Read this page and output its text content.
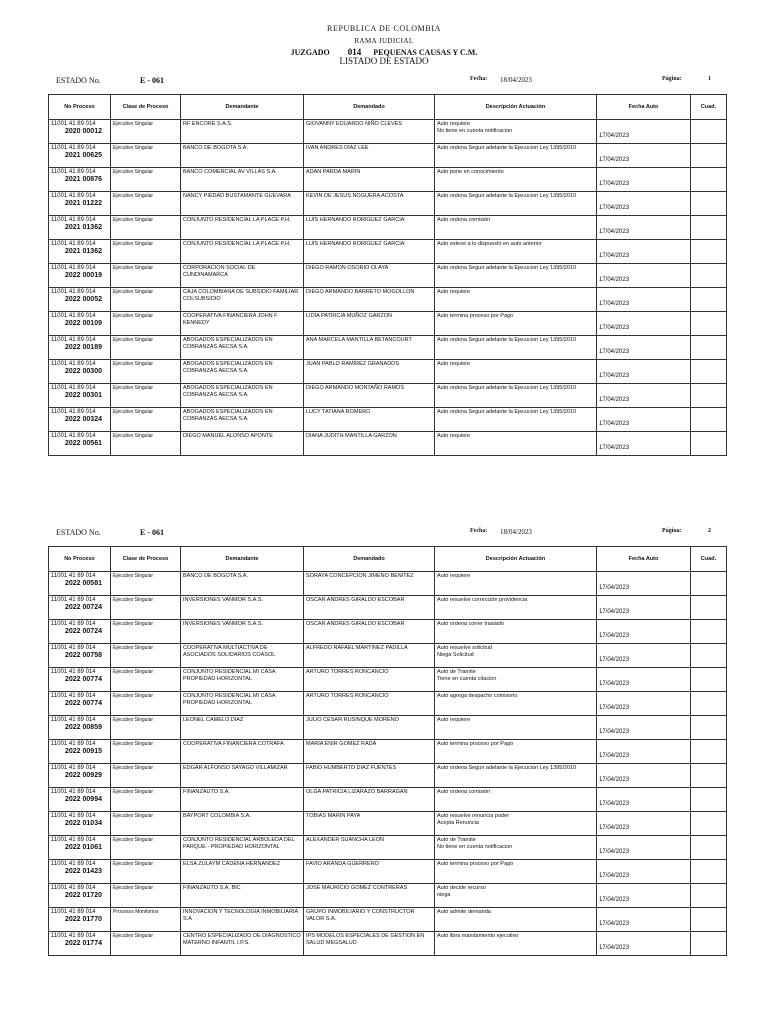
REPUBLICA DE COLOMBIA
RAMA JUDICIAL
JUZGADO 014 PEQUENAS CAUSAS Y C.M.
LISTADO DE ESTADO
ESTADO No.	E - 061	Fecha: 18/04/2023	Página:	1
No Proceso	Clase de Proceso	Demandante	Demandado	Descripción Actuación	Fecha Auto	Cuad.

11001 41 89 014
2020 00012	Ejecutivo Singular	RF ENCORE S.A.S.	GIOVANNY EDUARDO NIÑO CLEVES	Auto requiere
No tiene en cuenta notificacion	17/04/2023	

11001 41 89 014
2021 00625	Ejecutivo Singular	BANCO DE BOGOTA S.A.	IVAN ANDRES DIAZ LEE	Auto ordena Seguir adelante la Ejecucion Ley 1395/2010	17/04/2023	

11001 41 89 014
2021 00876	Ejecutivo Singular	BANCO COMERCIAL AV VILLAS S.A.	ADAN PARDA MARIN	Auto pone en conocimiento	17/04/2023	

11001 41 89 014
2021 01222	Ejecutivo Singular	NANCY PIEDAD BUSTAMANTE GUEVARA	KEVIN DE JESUS NOGUERA ACOSTA	Auto ordena Seguir adelante la Ejecucion Ley 1395/2010	17/04/2023	

11001 41 89 014
2021 01362	Ejecutivo Singular	CONJUNTO RESIDENCIAL LA PLACE P.H.	LUIS HERNANDO RORIGUEZ GARCIA	Auto ordena comisión	17/04/2023	

11001 41 89 014
2021 01362	Ejecutivo Singular	CONJUNTO RESIDENCIAL LA PLACE P.H.	LUIS HERNANDO RORIGUEZ GARCIA	Auto estese a lo dispuesto en auto anterior	17/04/2023	

11001 41 89 014
2022 00019	Ejecutivo Singular	CORPORACION SOCIAL DE CUNDINAMARCA	DIEGO RAMON OSORIO OLAYA	Auto ordena Seguir adelante la Ejecucion Ley 1395/2010	17/04/2023	

11001 41 89 014
2022 00052	Ejecutivo Singular	CAJA COLOMBIANA DE SUBSIDIO FAMILIAR COLSUBSIDIO	DIEGO ARMANDO BARRETO MOGOLLON	Auto requiere	17/04/2023	

11001 41 89 014
2022 00109	Ejecutivo Singular	COOPERATIVA FINANCIERA JOHN F KENNEDY	LIDIA PATRICIA MUÑOZ GARZON	Auto termina proceso por Pago	17/04/2023	

11001 41 89 014
2022 00189	Ejecutivo Singular	ABOGADOS ESPECIALIZADOS EN COBRANZAS AECSA S.A.	ANA MARCELA MANTILLA BETANCOURT	Auto ordena Seguir adelante la Ejecucion Ley 1395/2010	17/04/2023	

11001 41 89 014
2022 00300	Ejecutivo Singular	ABOGADOS ESPECIALIZADOS EN COBRANZAS AECSA S.A.	JUAN PABLO RAMIREZ GRANADOS	Auto requiere	17/04/2023	

11001 41 89 014
2022 00301	Ejecutivo Singular	ABOGADOS ESPECIALIZADOS EN COBRANZAS AECSA S.A.	DIEGO ARMANDO MONTAÑO RAMOS	Auto ordena Seguir adelante la Ejecucion Ley 1395/2010	17/04/2023	

11001 41 89 014
2022 00324	Ejecutivo Singular	ABOGADOS ESPECIALIZADOS EN COBRANZAS AECSA S.A.	LUCY TATIANA ROMERO	Auto ordena Seguir adelante la Ejecucion Ley 1395/2010	17/04/2023	

11001 41 89 014
2022 00561	Ejecutivo Singular	DIEGO MANUEL ALONSO APONTE	DIANA JUDITH MANTILLA GARZON	Auto requiere	17/04/2023	
ESTADO No.	E - 061	Fecha: 18/04/2023	Página:	2
No Proceso	Clase de Proceso	Demandante	Demandado	Descripción Actuación	Fecha Auto	Cuad.

11001 41 89 014
2022 00581	Ejecutivo Singular	BANCO DE BOGOTA S.A.	SORAYA CONCEPCION JIMENO BENITEZ	Auto requiere	17/04/2023	

11001 41 89 014
2022 00724	Ejecutivo Singular	INVERSIONES VANMOR S.A.S.	OSCAR ANDRES GIRALDO ESCOBAR	Auto resuelve corrección providencia	17/04/2023	

11001 41 89 014
2022 00724	Ejecutivo Singular	INVERSIONES VANMOR S.A.S.	OSCAR ANDRES GIRALDO ESCOBAR	Auto ordena correr traslado	17/04/2023	

11001 41 89 014
2022 00758	Ejecutivo Singular	COOPERATIVA MULTIACTIVA DE ASOCIADOS SOLIDARIOS COASOL	ALFREDO RAFAEL MARTINEZ PADILLA	Auto resuelve solicitud
Niega Solicitud	17/04/2023	

11001 41 89 014
2022 00774	Ejecutivo Singular	CONJUNTO RESIDENCIAL MI CASA PROPIEDAD HORIZONTAL	ARTURO TORRES RONCANCIO	Auto de Tramite
Tiene en cuenta citacion	17/04/2023	

11001 41 89 014
2022 00774	Ejecutivo Singular	CONJUNTO RESIDENCIAL MI CASA PROPIEDAD HORIZONTAL	ARTURO TORRES RONCANCIO	Auto agrega despacho comisorio	17/04/2023	

11001 41 89 014
2022 00859	Ejecutivo Singular	LEONEL CAMELO DIAZ	JULIO CESAR RUSINQUE MORENO	Auto requiere	17/04/2023	

11001 41 89 014
2022 00915	Ejecutivo Singular	COOPERATIVA FINANCIERA COTRAFA	MARIA ENIR GOMEZ RADA	Auto termina proceso por Pago	17/04/2023	

11001 41 89 014
2022 00929	Ejecutivo Singular	EDGAR ALFONSO SAYAGO VILLAMIZAR	FABIO HUMBERTO DIAZ FUENTES	Auto ordena Seguir adelante la Ejecucion Ley 1395/2010	17/04/2023	

11001 41 89 014
2022 00994	Ejecutivo Singular	FINANZAUTO S.A.	OLGA PATRICIA LIZARAZO BARRAGAN	Auto ordena comisión	17/04/2023	

11001 41 89 014
2022 01034	Ejecutivo Singular	BAYPORT COLOMBIA S.A.	TOBIAS MARIN PAYA	Auto resuelve renuncia poder
Acepta Renuncia	17/04/2023	

11001 41 89 014
2022 01061	Ejecutivo Singular	CONJUNTO RESIDENCIAL ARBOLEDA DEL PARQUE - PROPIEDAD HORIZONTAL	ALEXANDER SUANCHA LEON	Auto de Tramite
No tiene en cuenta notificacion	17/04/2023	

11001 41 89 014
2022 01423	Ejecutivo Singular	ELSA ZULAYM CADENA HERNANDEZ	FAVIO ARANDA GUERRERO	Auto termina proceso por Pago	17/04/2023	

11001 41 89 014
2022 01720	Ejecutivo Singular	FINANZAUTO S.A. BIC	JOSE MAURICIO GOMEZ CONTRERAS	Auto decide recurso
niega	17/04/2023	

11001 41 89 014
2022 01770	Procesos Monitorios	INNOVACION Y TECNOLOGIA INMOBILIARIA S.A	GRUPO INMOBILIARIO Y CONSTRUCTOR VALOR S.A.	Auto admite demanda	17/04/2023	

11001 41 89 014
2022 01774	Ejecutivo Singular	CENTRO ESPECIALIZADO DE DIAGNOSTICO MATERNO INFANTIL I.P.S.	IPS MODELOS ESPECIALES DE GESTION EN SALUD MEGSALUD	Auto libra mandamiento ejecutivo	17/04/2023	
